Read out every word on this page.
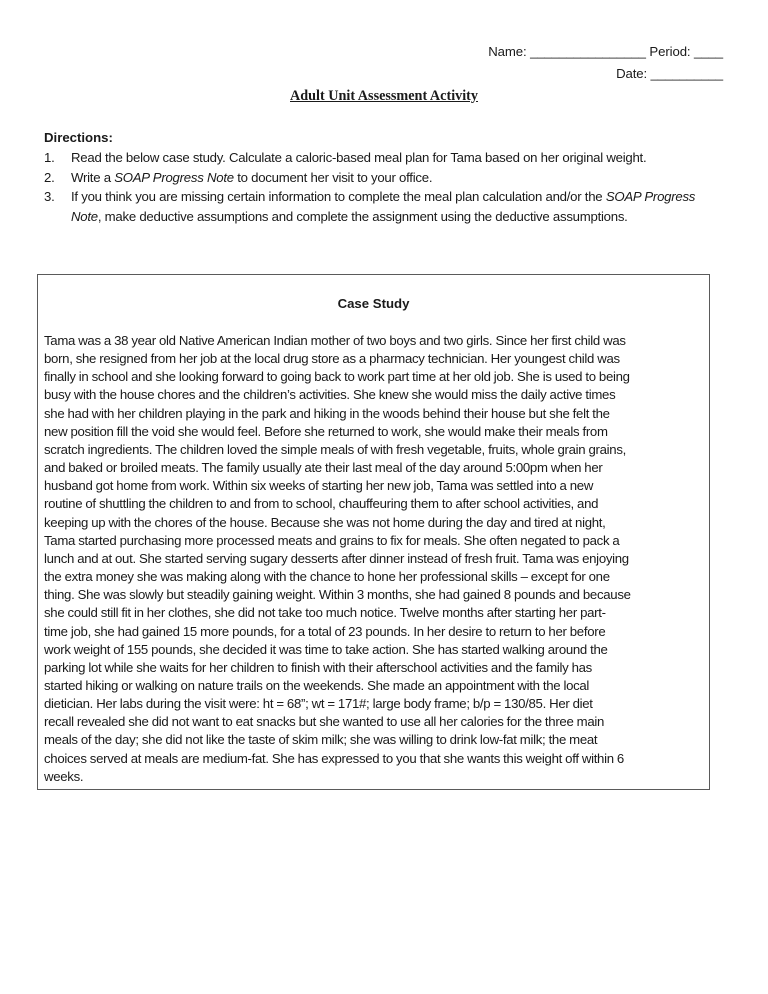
Name: ________________ Period: ____
Date: __________
Adult Unit Assessment Activity
Directions:
1. Read the below case study. Calculate a caloric-based meal plan for Tama based on her original weight.
2. Write a SOAP Progress Note to document her visit to your office.
3. If you think you are missing certain information to complete the meal plan calculation and/or the SOAP Progress Note, make deductive assumptions and complete the assignment using the deductive assumptions.
Case Study
Tama was a 38 year old Native American Indian mother of two boys and two girls. Since her first child was
born, she resigned from her job at the local drug store as a pharmacy technician. Her youngest child was
finally in school and she looking forward to going back to work part time at her old job. She is used to being
busy with the house chores and the children’s activities. She knew she would miss the daily active times
she had with her children playing in the park and hiking in the woods behind their house but she felt the
new position fill the void she would feel. Before she returned to work, she would make their meals from
scratch ingredients. The children loved the simple meals of with fresh vegetable, fruits, whole grain grains,
and baked or broiled meats. The family usually ate their last meal of the day around 5:00pm when her
husband got home from work. Within six weeks of starting her new job, Tama was settled into a new
routine of shuttling the children to and from to school, chauffeuring them to after school activities, and
keeping up with the chores of the house. Because she was not home during the day and tired at night,
Tama started purchasing more processed meats and grains to fix for meals. She often negated to pack a
lunch and at out. She started serving sugary desserts after dinner instead of fresh fruit. Tama was enjoying
the extra money she was making along with the chance to hone her professional skills – except for one
thing. She was slowly but steadily gaining weight. Within 3 months, she had gained 8 pounds and because
she could still fit in her clothes, she did not take too much notice. Twelve months after starting her part-
time job, she had gained 15 more pounds, for a total of 23 pounds. In her desire to return to her before
work weight of 155 pounds, she decided it was time to take action. She has started walking around the
parking lot while she waits for her children to finish with their afterschool activities and the family has
started hiking or walking on nature trails on the weekends. She made an appointment with the local
dietician. Her labs during the visit were: ht = 68”; wt = 171#; large body frame; b/p = 130/85. Her diet
recall revealed she did not want to eat snacks but she wanted to use all her calories for the three main
meals of the day; she did not like the taste of skim milk; she was willing to drink low-fat milk; the meat
choices served at meals are medium-fat. She has expressed to you that she wants this weight off within 6
weeks.
